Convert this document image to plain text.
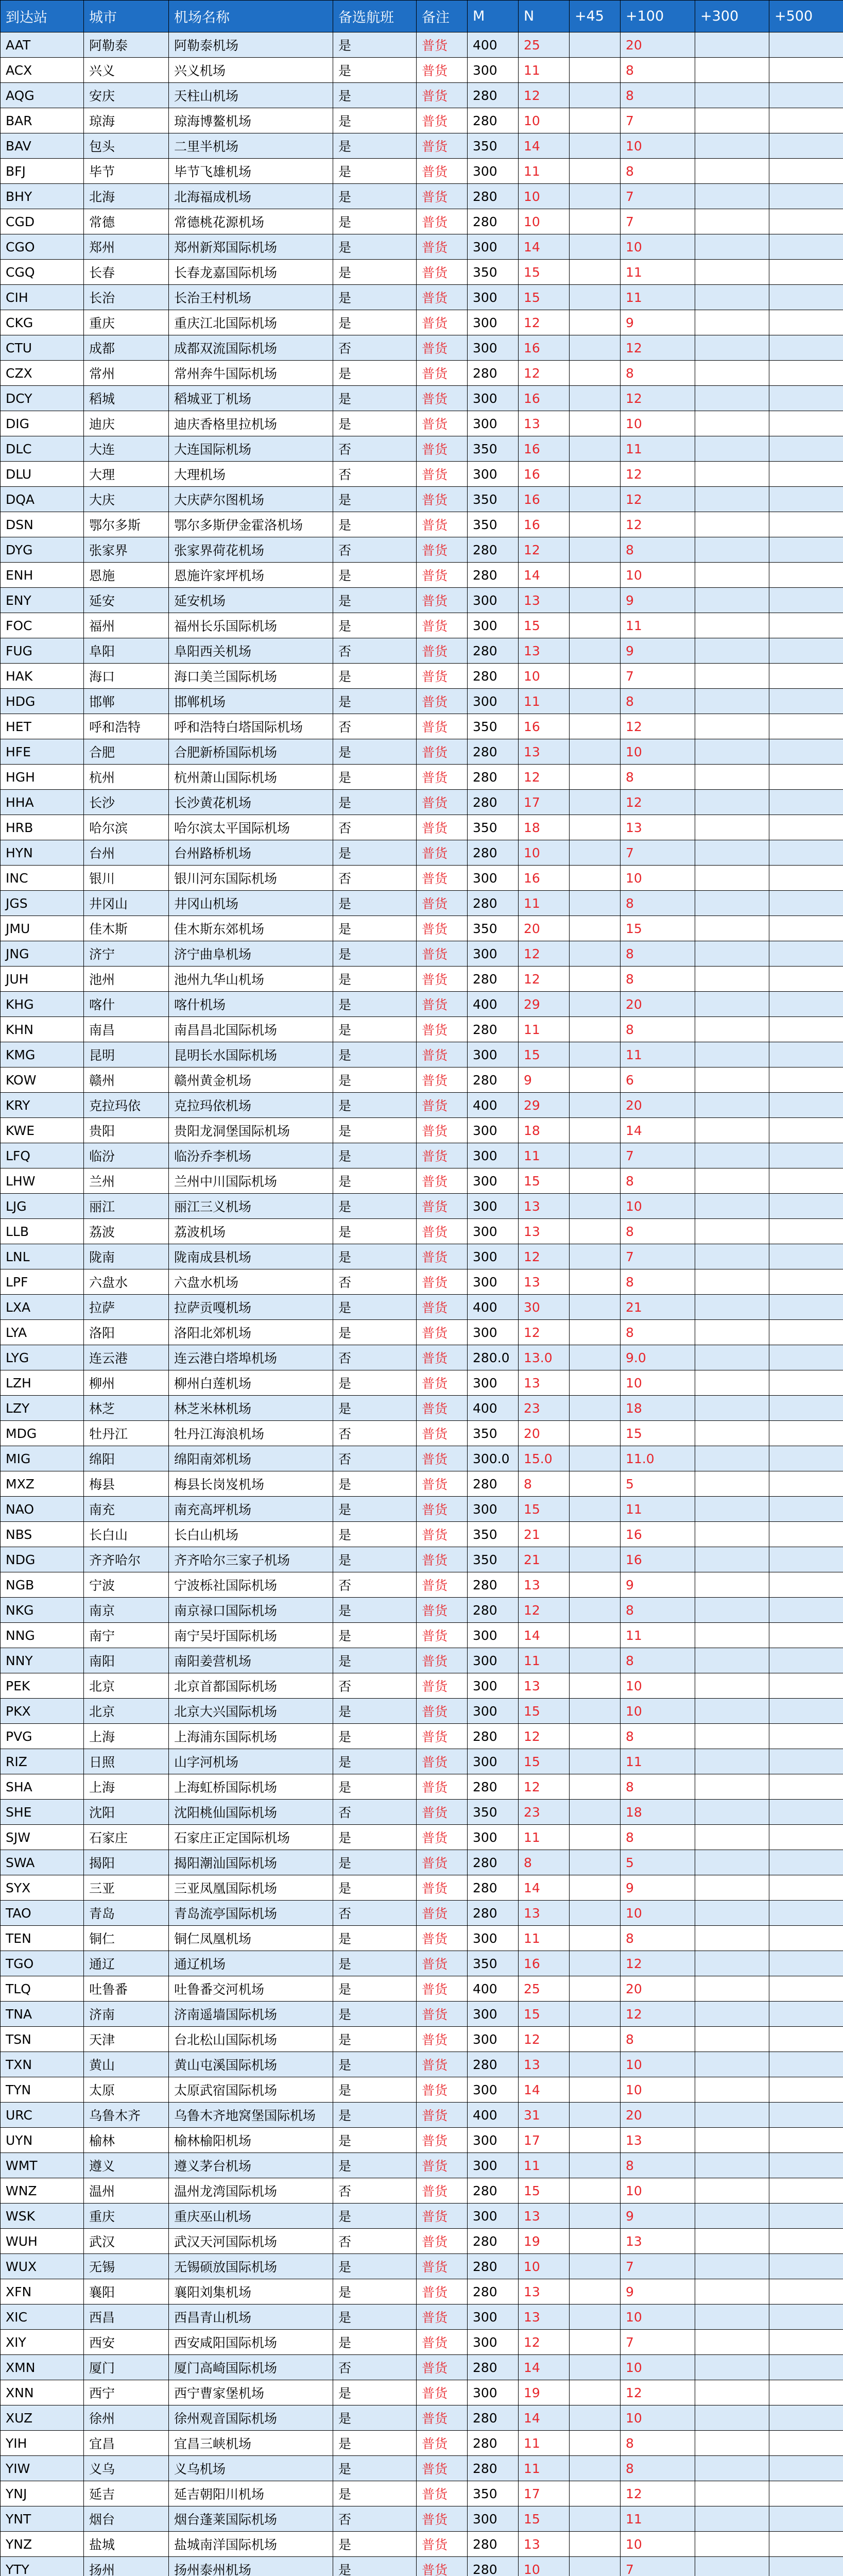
到达站	城市	机场名称	备选航班	备注	M	N	+45	+100	+300	+500
AAT	阿勒泰	阿勒泰机场	是	普货	400	25		20		
ACX	兴义	兴义机场	是	普货	300	11		8		
AQG	安庆	天柱山机场	是	普货	280	12		8		
BAR	琼海	琼海博鳌机场	是	普货	280	10		7		
BAV	包头	二里半机场	是	普货	350	14		10		
BFJ	毕节	毕节飞雄机场	是	普货	300	11		8		
BHY	北海	北海福成机场	是	普货	280	10		7		
CGD	常德	常德桃花源机场	是	普货	280	10		7		
CGO	郑州	郑州新郑国际机场	是	普货	300	14		10		
CGQ	长春	长春龙嘉国际机场	是	普货	350	15		11		
CIH	长治	长治王村机场	是	普货	300	15		11		
CKG	重庆	重庆江北国际机场	是	普货	300	12		9		
CTU	成都	成都双流国际机场	否	普货	300	16		12		
CZX	常州	常州奔牛国际机场	是	普货	280	12		8		
DCY	稻城	稻城亚丁机场	是	普货	300	16		12		
DIG	迪庆	迪庆香格里拉机场	是	普货	300	13		10		
DLC	大连	大连国际机场	否	普货	350	16		11		
DLU	大理	大理机场	否	普货	300	16		12		
DQA	大庆	大庆萨尔图机场	是	普货	350	16		12		
DSN	鄂尔多斯	鄂尔多斯伊金霍洛机场	是	普货	350	16		12		
DYG	张家界	张家界荷花机场	否	普货	280	12		8		
ENH	恩施	恩施许家坪机场	是	普货	280	14		10		
ENY	延安	延安机场	是	普货	300	13		9		
FOC	福州	福州长乐国际机场	是	普货	300	15		11		
FUG	阜阳	阜阳西关机场	否	普货	280	13		9		
HAK	海口	海口美兰国际机场	是	普货	280	10		7		
HDG	邯郸	邯郸机场	是	普货	300	11		8		
HET	呼和浩特	呼和浩特白塔国际机场	否	普货	350	16		12		
HFE	合肥	合肥新桥国际机场	是	普货	280	13		10		
HGH	杭州	杭州萧山国际机场	是	普货	280	12		8		
HHA	长沙	长沙黄花机场	是	普货	280	17		12		
HRB	哈尔滨	哈尔滨太平国际机场	否	普货	350	18		13		
HYN	台州	台州路桥机场	是	普货	280	10		7		
INC	银川	银川河东国际机场	否	普货	300	16		10		
JGS	井冈山	井冈山机场	是	普货	280	11		8		
JMU	佳木斯	佳木斯东郊机场	是	普货	350	20		15		
JNG	济宁	济宁曲阜机场	是	普货	300	12		8		
JUH	池州	池州九华山机场	是	普货	280	12		8		
KHG	喀什	喀什机场	是	普货	400	29		20		
KHN	南昌	南昌昌北国际机场	是	普货	280	11		8		
KMG	昆明	昆明长水国际机场	是	普货	300	15		11		
KOW	赣州	赣州黄金机场	是	普货	280	9		6		
KRY	克拉玛依	克拉玛依机场	是	普货	400	29		20		
KWE	贵阳	贵阳龙洞堡国际机场	是	普货	300	18		14		
LFQ	临汾	临汾乔李机场	是	普货	300	11		7		
LHW	兰州	兰州中川国际机场	是	普货	300	15		8		
LJG	丽江	丽江三义机场	是	普货	300	13		10		
LLB	荔波	荔波机场	是	普货	300	13		8		
LNL	陇南	陇南成县机场	是	普货	300	12		7		
LPF	六盘水	六盘水机场	否	普货	300	13		8		
LXA	拉萨	拉萨贡嘎机场	是	普货	400	30		21		
LYA	洛阳	洛阳北郊机场	是	普货	300	12		8		
LYG	连云港	连云港白塔埠机场	否	普货	280.0	13.0		9.0		
LZH	柳州	柳州白莲机场	是	普货	300	13		10		
LZY	林芝	林芝米林机场	是	普货	400	23		18		
MDG	牡丹江	牡丹江海浪机场	否	普货	350	20		15		
MIG	绵阳	绵阳南郊机场	否	普货	300.0	15.0		11.0		
MXZ	梅县	梅县长岗岌机场	是	普货	280	8		5		
NAO	南充	南充高坪机场	是	普货	300	15		11		
NBS	长白山	长白山机场	是	普货	350	21		16		
NDG	齐齐哈尔	齐齐哈尔三家子机场	是	普货	350	21		16		
NGB	宁波	宁波栎社国际机场	否	普货	280	13		9		
NKG	南京	南京禄口国际机场	是	普货	280	12		8		
NNG	南宁	南宁吴圩国际机场	是	普货	300	14		11		
NNY	南阳	南阳姜营机场	是	普货	300	11		8		
PEK	北京	北京首都国际机场	否	普货	300	13		10		
PKX	北京	北京大兴国际机场	是	普货	300	15		10		
PVG	上海	上海浦东国际机场	是	普货	280	12		8		
RIZ	日照	山字河机场	是	普货	300	15		11		
SHA	上海	上海虹桥国际机场	是	普货	280	12		8		
SHE	沈阳	沈阳桃仙国际机场	否	普货	350	23		18		
SJW	石家庄	石家庄正定国际机场	是	普货	300	11		8		
SWA	揭阳	揭阳潮汕国际机场	是	普货	280	8		5		
SYX	三亚	三亚凤凰国际机场	是	普货	280	14		9		
TAO	青岛	青岛流亭国际机场	否	普货	280	13		10		
TEN	铜仁	铜仁凤凰机场	是	普货	300	11		8		
TGO	通辽	通辽机场	是	普货	350	16		12		
TLQ	吐鲁番	吐鲁番交河机场	是	普货	400	25		20		
TNA	济南	济南遥墙国际机场	是	普货	300	15		12		
TSN	天津	台北松山国际机场	是	普货	300	12		8		
TXN	黄山	黄山屯溪国际机场	是	普货	280	13		10		
TYN	太原	太原武宿国际机场	是	普货	300	14		10		
URC	乌鲁木齐	乌鲁木齐地窝堡国际机场	是	普货	400	31		20		
UYN	榆林	榆林榆阳机场	是	普货	300	17		13		
WMT	遵义	遵义茅台机场	是	普货	300	11		8		
WNZ	温州	温州龙湾国际机场	否	普货	280	15		10		
WSK	重庆	重庆巫山机场	是	普货	300	13		9		
WUH	武汉	武汉天河国际机场	否	普货	280	19		13		
WUX	无锡	无锡硕放国际机场	是	普货	280	10		7		
XFN	襄阳	襄阳刘集机场	是	普货	280	13		9		
XIC	西昌	西昌青山机场	是	普货	300	13		10		
XIY	西安	西安咸阳国际机场	是	普货	300	12		7		
XMN	厦门	厦门高崎国际机场	否	普货	280	14		10		
XNN	西宁	西宁曹家堡机场	是	普货	300	19		12		
XUZ	徐州	徐州观音国际机场	是	普货	280	14		10		
YIH	宜昌	宜昌三峡机场	是	普货	280	11		8		
YIW	义乌	义乌机场	是	普货	280	11		8		
YNJ	延吉	延吉朝阳川机场	是	普货	350	17		12		
YNT	烟台	烟台蓬莱国际机场	否	普货	300	15		11		
YNZ	盐城	盐城南洋国际机场	是	普货	280	13		10		
YTY	扬州	扬州泰州机场	是	普货	280	10		7		
